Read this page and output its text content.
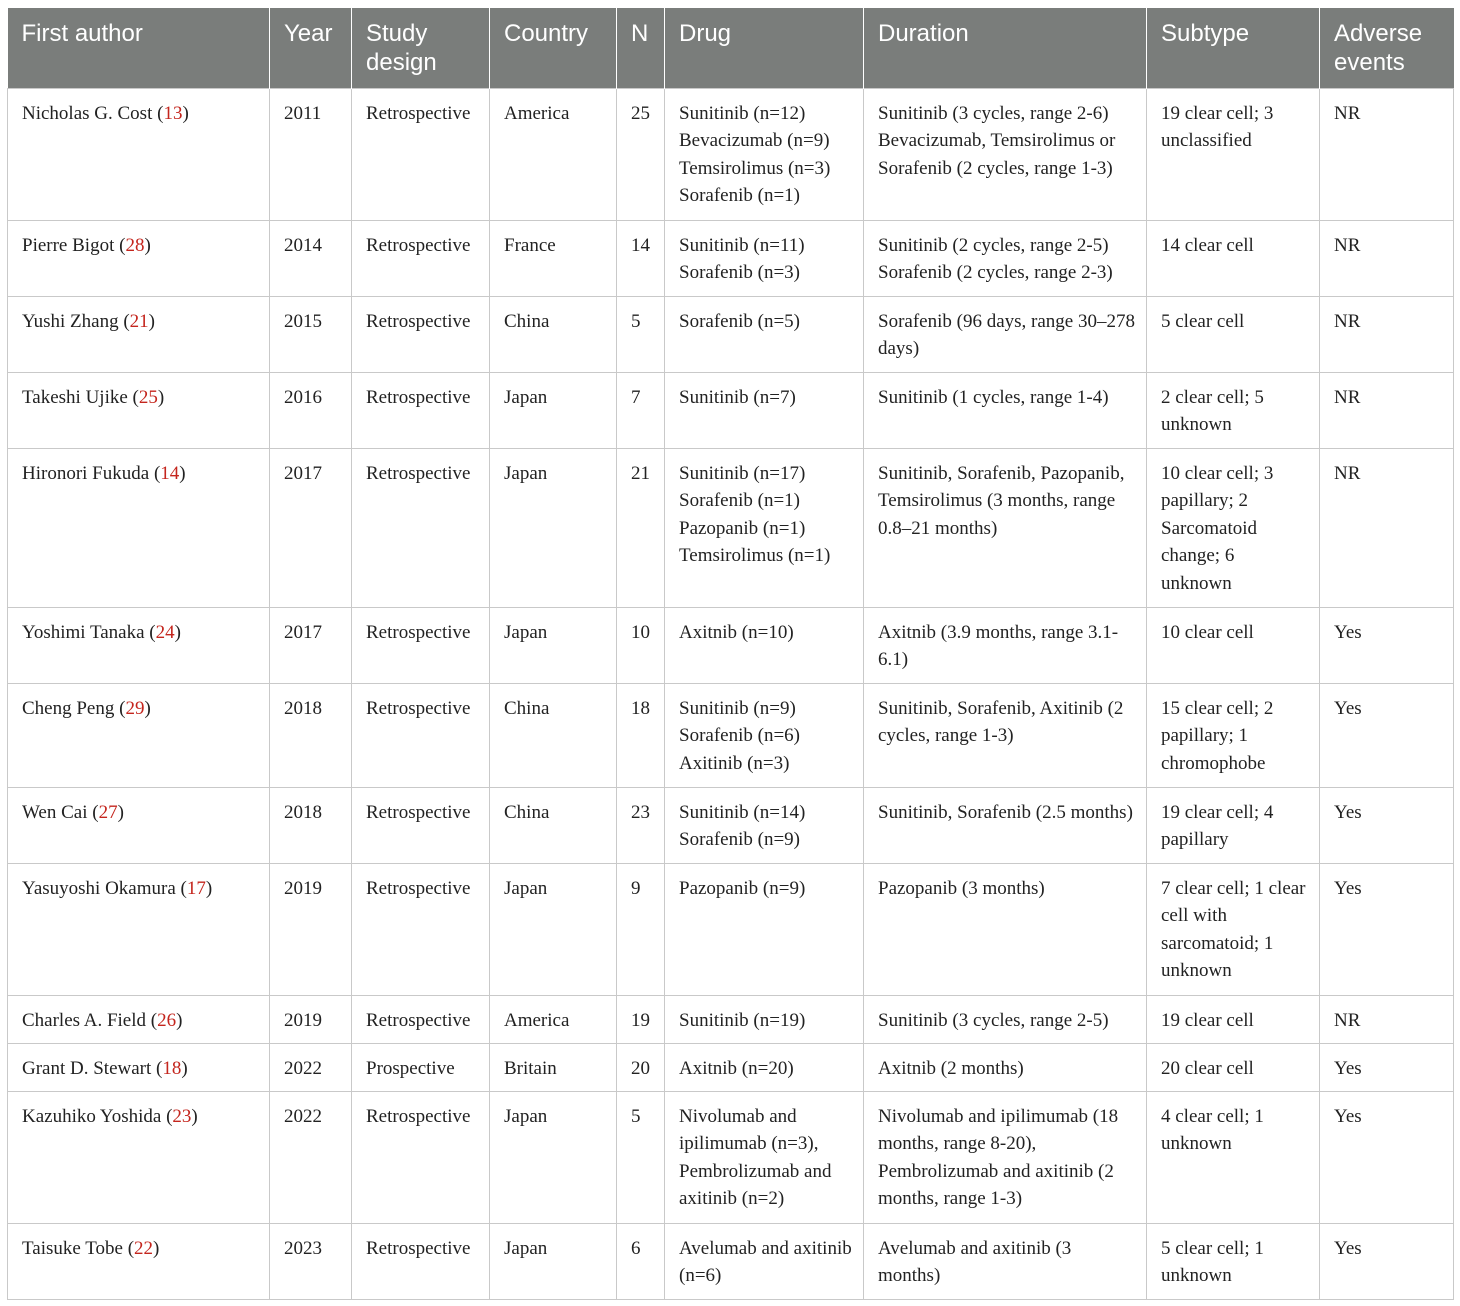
First author	Year	Study design	Country	N	Drug	Duration	Subtype	Adverse events
Nicholas G. Cost (13)	2011	Retrospective	America	25	Sunitinib (n=12) Bevacizumab (n=9) Temsirolimus (n=3) Sorafenib (n=1)	Sunitinib (3 cycles, range 2-6) Bevacizumab, Temsirolimus or Sorafenib (2 cycles, range 1-3)	19 clear cell; 3 unclassified	NR
Pierre Bigot (28)	2014	Retrospective	France	14	Sunitinib (n=11) Sorafenib (n=3)	Sunitinib (2 cycles, range 2-5) Sorafenib (2 cycles, range 2-3)	14 clear cell	NR
Yushi Zhang (21)	2015	Retrospective	China	5	Sorafenib (n=5)	Sorafenib (96 days, range 30–278 days)	5 clear cell	NR
Takeshi Ujike (25)	2016	Retrospective	Japan	7	Sunitinib (n=7)	Sunitinib (1 cycles, range 1-4)	2 clear cell; 5 unknown	NR
Hironori Fukuda (14)	2017	Retrospective	Japan	21	Sunitinib (n=17) Sorafenib (n=1) Pazopanib (n=1) Temsirolimus (n=1)	Sunitinib, Sorafenib, Pazopanib, Temsirolimus (3 months, range 0.8–21 months)	10 clear cell; 3 papillary; 2 Sarcomatoid change; 6 unknown	NR
Yoshimi Tanaka (24)	2017	Retrospective	Japan	10	Axitnib (n=10)	Axitnib (3.9 months, range 3.1-6.1)	10 clear cell	Yes
Cheng Peng (29)	2018	Retrospective	China	18	Sunitinib (n=9) Sorafenib (n=6) Axitinib (n=3)	Sunitinib, Sorafenib, Axitinib (2 cycles, range 1-3)	15 clear cell; 2 papillary; 1 chromophobe	Yes
Wen Cai (27)	2018	Retrospective	China	23	Sunitinib (n=14) Sorafenib (n=9)	Sunitinib, Sorafenib (2.5 months)	19 clear cell; 4 papillary	Yes
Yasuyoshi Okamura (17)	2019	Retrospective	Japan	9	Pazopanib (n=9)	Pazopanib (3 months)	7 clear cell; 1 clear cell with sarcomatoid; 1 unknown	Yes
Charles A. Field (26)	2019	Retrospective	America	19	Sunitinib (n=19)	Sunitinib (3 cycles, range 2-5)	19 clear cell	NR
Grant D. Stewart (18)	2022	Prospective	Britain	20	Axitnib (n=20)	Axitnib (2 months)	20 clear cell	Yes
Kazuhiko Yoshida (23)	2022	Retrospective	Japan	5	Nivolumab and ipilimumab (n=3), Pembrolizumab and axitinib (n=2)	Nivolumab and ipilimumab (18 months, range 8-20), Pembrolizumab and axitinib (2 months, range 1-3)	4 clear cell; 1 unknown	Yes
Taisuke Tobe (22)	2023	Retrospective	Japan	6	Avelumab and axitinib (n=6)	Avelumab and axitinib (3 months)	5 clear cell; 1 unknown	Yes
